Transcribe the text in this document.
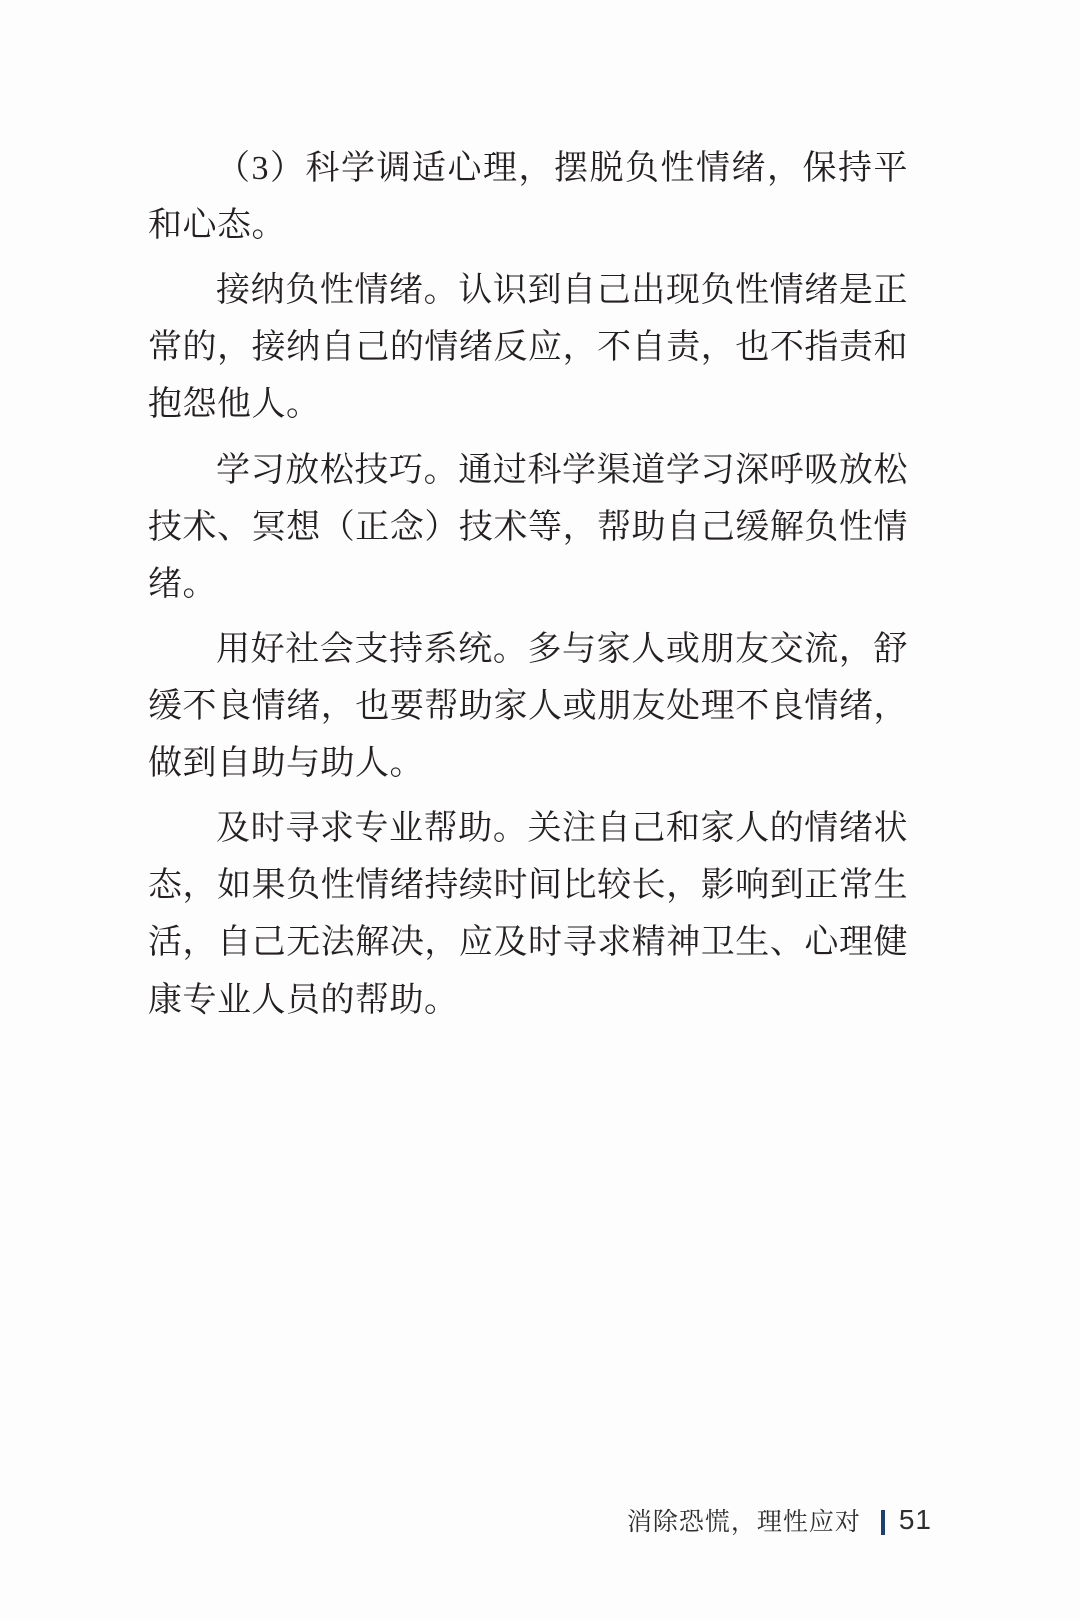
（3）科学调适心理，摆脱负性情绪，保持平和心态。

接纳负性情绪。认识到自己出现负性情绪是正常的，接纳自己的情绪反应，不自责，也不指责和抱怨他人。

学习放松技巧。通过科学渠道学习深呼吸放松技术、冥想（正念）技术等，帮助自己缓解负性情绪。

用好社会支持系统。多与家人或朋友交流，舒缓不良情绪，也要帮助家人或朋友处理不良情绪，做到自助与助人。

及时寻求专业帮助。关注自己和家人的情绪状态，如果负性情绪持续时间比较长，影响到正常生活，自己无法解决，应及时寻求精神卫生、心理健康专业人员的帮助。

消除恐慌，理性应对 51
